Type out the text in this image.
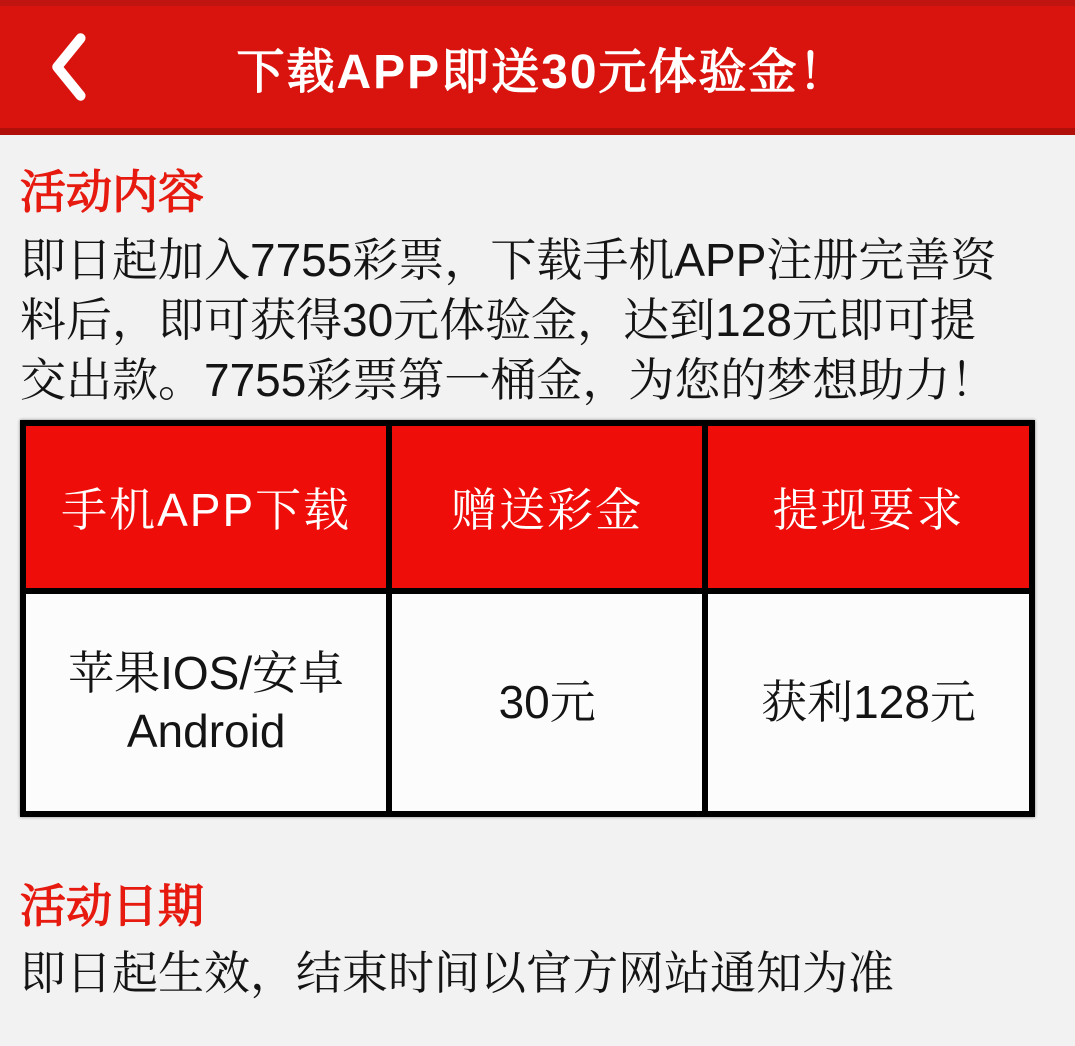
下载APP即送30元体验金！
活动内容
即日起加入7755彩票，下载手机APP注册完善资
料后，即可获得30元体验金，达到128元即可提
交出款。7755彩票第一桶金，为您的梦想助力！
手机APP下载	赠送彩金	提现要求
苹果IOS/安卓Android	30元	获利128元
活动日期

即日起生效，结束时间以官方网站通知为准
